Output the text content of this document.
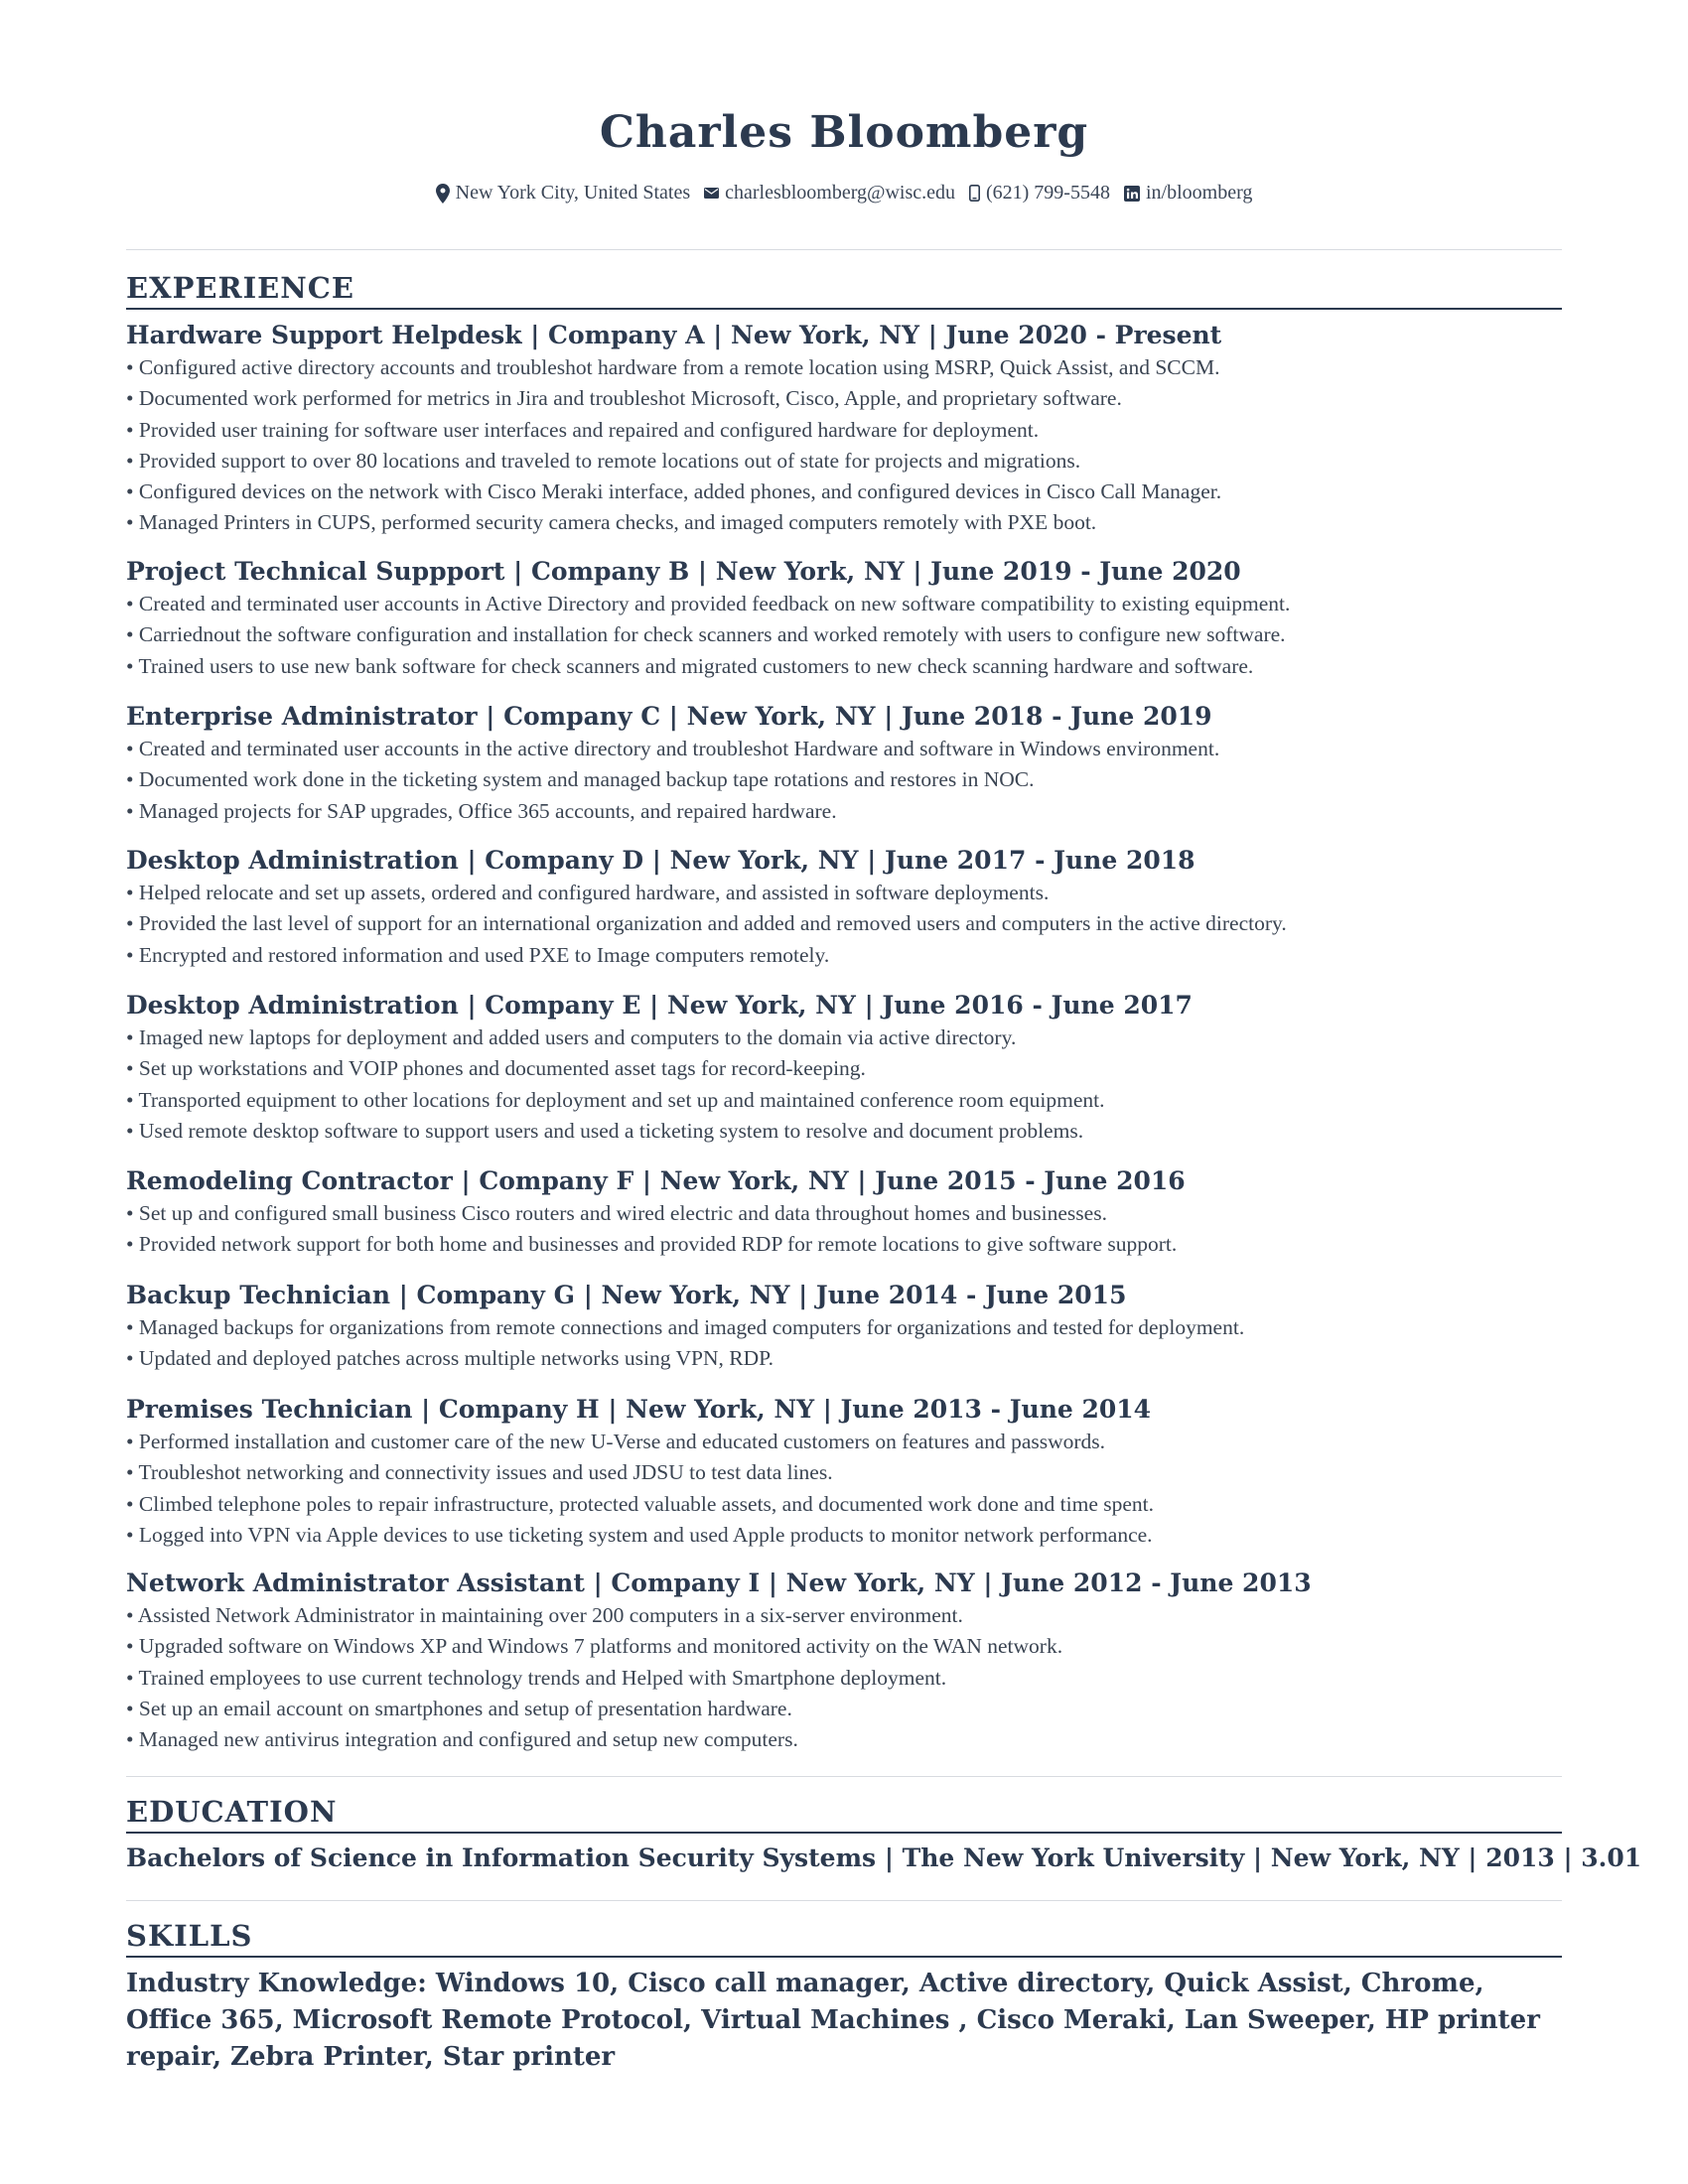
Charles Bloomberg
New York City, United States charlesbloomberg@wisc.edu (621) 799-5548 in/bloomberg
EXPERIENCE
Hardware Support Helpdesk | Company A | New York, NY | June 2020 - Present
• Configured active directory accounts and troubleshot hardware from a remote location using MSRP, Quick Assist, and SCCM.
• Documented work performed for metrics in Jira and troubleshot Microsoft, Cisco, Apple, and proprietary software.
• Provided user training for software user interfaces and repaired and configured hardware for deployment.
• Provided support to over 80 locations and traveled to remote locations out of state for projects and migrations.
• Configured devices on the network with Cisco Meraki interface, added phones, and configured devices in Cisco Call Manager.
• Managed Printers in CUPS, performed security camera checks, and imaged computers remotely with PXE boot.
Project Technical Suppport | Company B | New York, NY | June 2019 - June 2020
• Created and terminated user accounts in Active Directory and provided feedback on new software compatibility to existing equipment.
• Carriednout the software configuration and installation for check scanners and worked remotely with users to configure new software.
• Trained users to use new bank software for check scanners and migrated customers to new check scanning hardware and software.
Enterprise Administrator | Company C | New York, NY | June 2018 - June 2019
• Created and terminated user accounts in the active directory and troubleshot Hardware and software in Windows environment.
• Documented work done in the ticketing system and managed backup tape rotations and restores in NOC.
• Managed projects for SAP upgrades, Office 365 accounts, and repaired hardware.
Desktop Administration | Company D | New York, NY | June 2017 - June 2018
• Helped relocate and set up assets, ordered and configured hardware, and assisted in software deployments.
• Provided the last level of support for an international organization and added and removed users and computers in the active directory.
• Encrypted and restored information and used PXE to Image computers remotely.
Desktop Administration | Company E | New York, NY | June 2016 - June 2017
• Imaged new laptops for deployment and added users and computers to the domain via active directory.
• Set up workstations and VOIP phones and documented asset tags for record-keeping.
• Transported equipment to other locations for deployment and set up and maintained conference room equipment.
• Used remote desktop software to support users and used a ticketing system to resolve and document problems.
Remodeling Contractor | Company F | New York, NY | June 2015 - June 2016
• Set up and configured small business Cisco routers and wired electric and data throughout homes and businesses.
• Provided network support for both home and businesses and provided RDP for remote locations to give software support.
Backup Technician | Company G | New York, NY | June 2014 - June 2015
• Managed backups for organizations from remote connections and imaged computers for organizations and tested for deployment.
• Updated and deployed patches across multiple networks using VPN, RDP.
Premises Technician | Company H | New York, NY | June 2013 - June 2014
• Performed installation and customer care of the new U-Verse and educated customers on features and passwords.
• Troubleshot networking and connectivity issues and used JDSU to test data lines.
• Climbed telephone poles to repair infrastructure, protected valuable assets, and documented work done and time spent.
• Logged into VPN via Apple devices to use ticketing system and used Apple products to monitor network performance.
Network Administrator Assistant | Company I | New York, NY | June 2012 - June 2013
• Assisted Network Administrator in maintaining over 200 computers in a six-server environment.
• Upgraded software on Windows XP and Windows 7 platforms and monitored activity on the WAN network.
• Trained employees to use current technology trends and Helped with Smartphone deployment.
• Set up an email account on smartphones and setup of presentation hardware.
• Managed new antivirus integration and configured and setup new computers.
EDUCATION
Bachelors of Science in Information Security Systems | The New York University | New York, NY | 2013 | 3.01
SKILLS
Industry Knowledge: Windows 10, Cisco call manager, Active directory, Quick Assist, Chrome, Office 365, Microsoft Remote Protocol, Virtual Machines , Cisco Meraki, Lan Sweeper, HP printer repair, Zebra Printer, Star printer
